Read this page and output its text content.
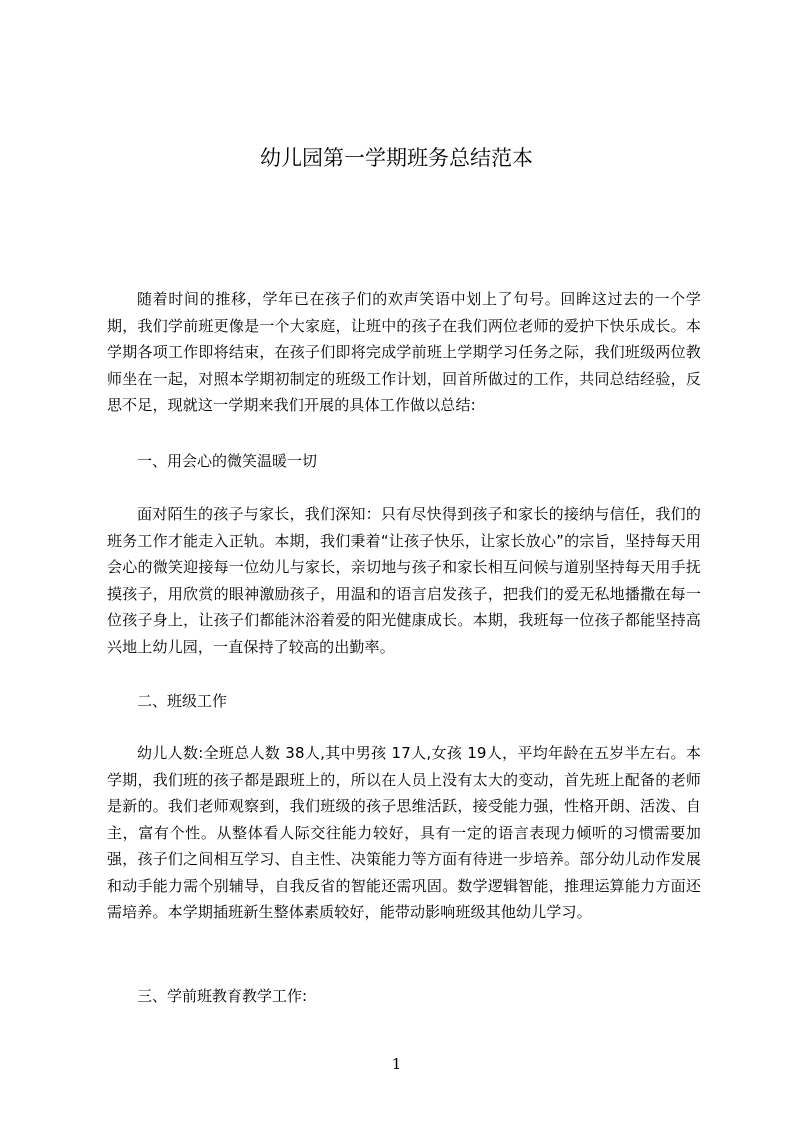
幼儿园第一学期班务总结范本

随着时间的推移，学年已在孩子们的欢声笑语中划上了句号。回眸这过去的一个学期，我们学前班更像是一个大家庭，让班中的孩子在我们两位老师的爱护下快乐成长。本学期各项工作即将结束，在孩子们即将完成学前班上学期学习任务之际，我们班级两位教师坐在一起，对照本学期初制定的班级工作计划，回首所做过的工作，共同总结经验，反思不足，现就这一学期来我们开展的具体工作做以总结:

一、用会心的微笑温暖一切

面对陌生的孩子与家长，我们深知：只有尽快得到孩子和家长的接纳与信任，我们的班务工作才能走入正轨。本期，我们秉着“让孩子快乐，让家长放心”的宗旨，坚持每天用会心的微笑迎接每一位幼儿与家长，亲切地与孩子和家长相互问候与道别坚持每天用手抚摸孩子，用欣赏的眼神激励孩子，用温和的语言启发孩子，把我们的爱无私地播撒在每一位孩子身上，让孩子们都能沐浴着爱的阳光健康成长。本期，我班每一位孩子都能坚持高兴地上幼儿园，一直保持了较高的出勤率。

二、班级工作

幼儿人数:全班总人数 38人,其中男孩 17人,女孩 19人，平均年龄在五岁半左右。本学期，我们班的孩子都是跟班上的，所以在人员上没有太大的变动，首先班上配备的老师是新的。我们老师观察到，我们班级的孩子思维活跃，接受能力强，性格开朗、活泼、自主，富有个性。从整体看人际交往能力较好，具有一定的语言表现力倾听的习惯需要加强，孩子们之间相互学习、自主性、决策能力等方面有待进一步培养。部分幼儿动作发展和动手能力需个别辅导，自我反省的智能还需巩固。数学逻辑智能，推理运算能力方面还需培养。本学期插班新生整体素质较好，能带动影响班级其他幼儿学习。

三、学前班教育教学工作:
1
